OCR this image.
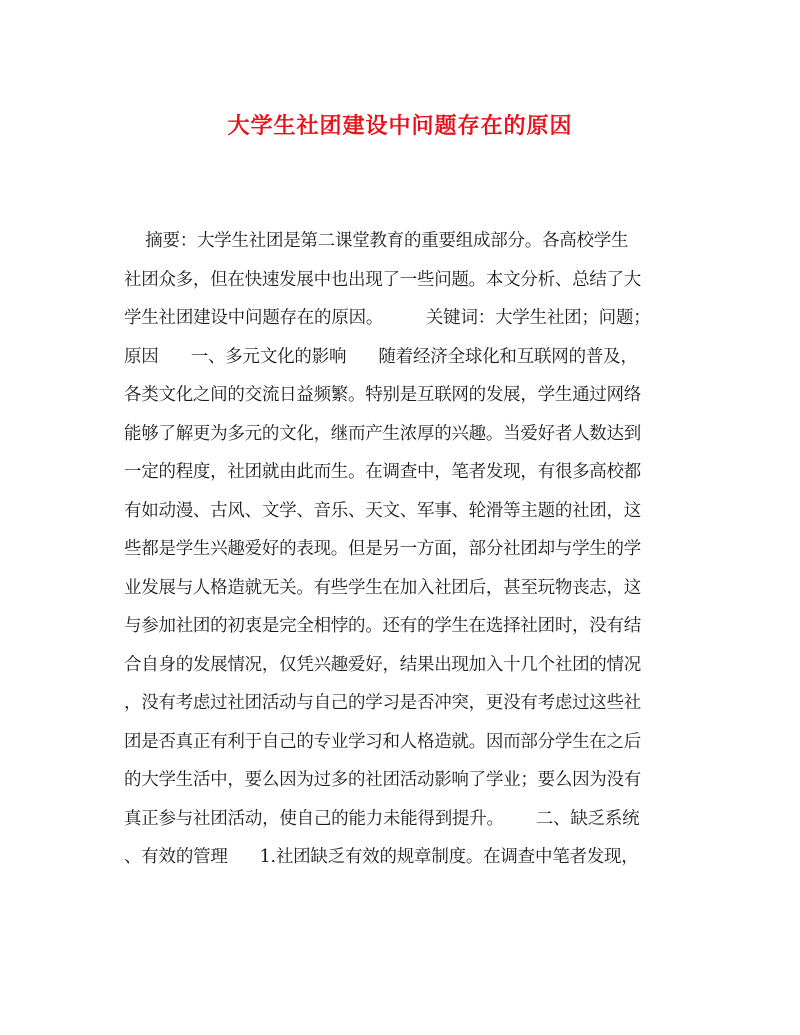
大学生社团建设中问题存在的原因
摘要：大学生社团是第二课堂教育的重要组成部分。各高校学生
社团众多，但在快速发展中也出现了一些问题。本文分析、总结了大
学生社团建设中问题存在的原因。        关键词：大学生社团；问题；
原因      一、多元文化的影响      随着经济全球化和互联网的普及，
各类文化之间的交流日益频繁。特别是互联网的发展，学生通过网络
能够了解更为多元的文化，继而产生浓厚的兴趣。当爱好者人数达到
一定的程度，社团就由此而生。在调查中，笔者发现，有很多高校都
有如动漫、古风、文学、音乐、天文、军事、轮滑等主题的社团，这
些都是学生兴趣爱好的表现。但是另一方面，部分社团却与学生的学
业发展与人格造就无关。有些学生在加入社团后，甚至玩物丧志，这
与参加社团的初衷是完全相悖的。还有的学生在选择社团时，没有结
合自身的发展情况，仅凭兴趣爱好，结果出现加入十几个社团的情况
，没有考虑过社团活动与自己的学习是否冲突，更没有考虑过这些社
团是否真正有利于自己的专业学习和人格造就。因而部分学生在之后
的大学生活中，要么因为过多的社团活动影响了学业；要么因为没有
真正参与社团活动，使自己的能力未能得到提升。      二、缺乏系统
、有效的管理      1.社团缺乏有效的规章制度。在调查中笔者发现，
